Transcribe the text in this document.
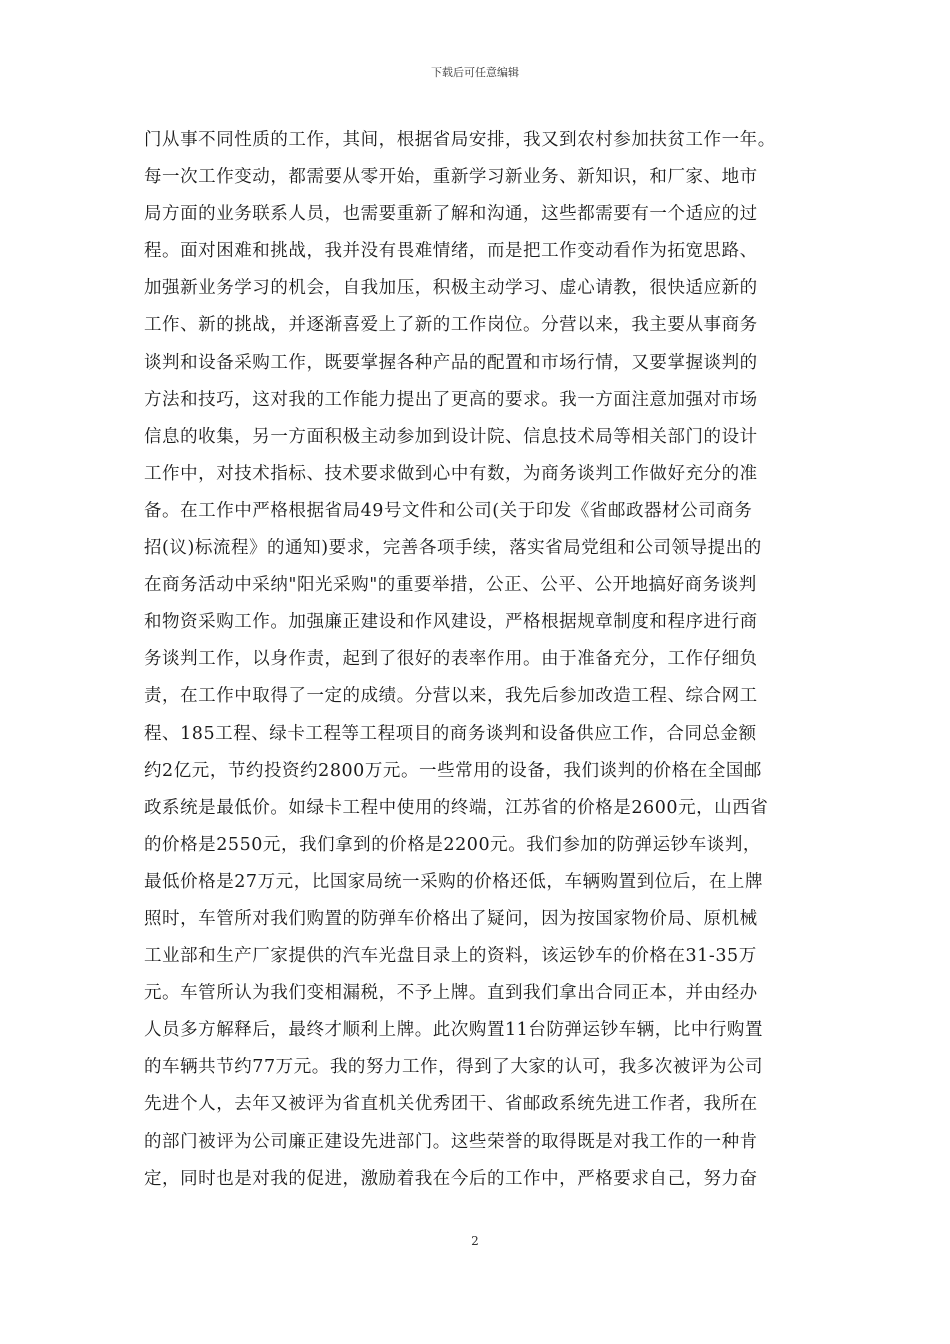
下载后可任意编辑
门从事不同性质的工作，其间，根据省局安排，我又到农村参加扶贫工作一年。
每一次工作变动，都需要从零开始，重新学习新业务、新知识，和厂家、地市
局方面的业务联系人员，也需要重新了解和沟通，这些都需要有一个适应的过
程。面对困难和挑战，我并没有畏难情绪，而是把工作变动看作为拓宽思路、
加强新业务学习的机会，自我加压，积极主动学习、虚心请教，很快适应新的
工作、新的挑战，并逐渐喜爱上了新的工作岗位。分营以来，我主要从事商务
谈判和设备采购工作，既要掌握各种产品的配置和市场行情，又要掌握谈判的
方法和技巧，这对我的工作能力提出了更高的要求。我一方面注意加强对市场
信息的收集，另一方面积极主动参加到设计院、信息技术局等相关部门的设计
工作中，对技术指标、技术要求做到心中有数，为商务谈判工作做好充分的准
备。在工作中严格根据省局49号文件和公司(关于印发《省邮政器材公司商务
招(议)标流程》的通知)要求，完善各项手续，落实省局党组和公司领导提出的
在商务活动中采纳"阳光采购"的重要举措，公正、公平、公开地搞好商务谈判
和物资采购工作。加强廉正建设和作风建设，严格根据规章制度和程序进行商
务谈判工作，以身作责，起到了很好的表率作用。由于准备充分，工作仔细负
责，在工作中取得了一定的成绩。分营以来，我先后参加改造工程、综合网工
程、185工程、绿卡工程等工程项目的商务谈判和设备供应工作，合同总金额
约2亿元，节约投资约2800万元。一些常用的设备，我们谈判的价格在全国邮
政系统是最低价。如绿卡工程中使用的终端，江苏省的价格是2600元，山西省
的价格是2550元，我们拿到的价格是2200元。我们参加的防弹运钞车谈判，
最低价格是27万元，比国家局统一采购的价格还低，车辆购置到位后，在上牌
照时，车管所对我们购置的防弹车价格出了疑问，因为按国家物价局、原机械
工业部和生产厂家提供的汽车光盘目录上的资料，该运钞车的价格在31-35万
元。车管所认为我们变相漏税，不予上牌。直到我们拿出合同正本，并由经办
人员多方解释后，最终才顺利上牌。此次购置11台防弹运钞车辆，比中行购置
的车辆共节约77万元。我的努力工作，得到了大家的认可，我多次被评为公司
先进个人，去年又被评为省直机关优秀团干、省邮政系统先进工作者，我所在
的部门被评为公司廉正建设先进部门。这些荣誉的取得既是对我工作的一种肯
定，同时也是对我的促进，激励着我在今后的工作中，严格要求自己，努力奋
2
